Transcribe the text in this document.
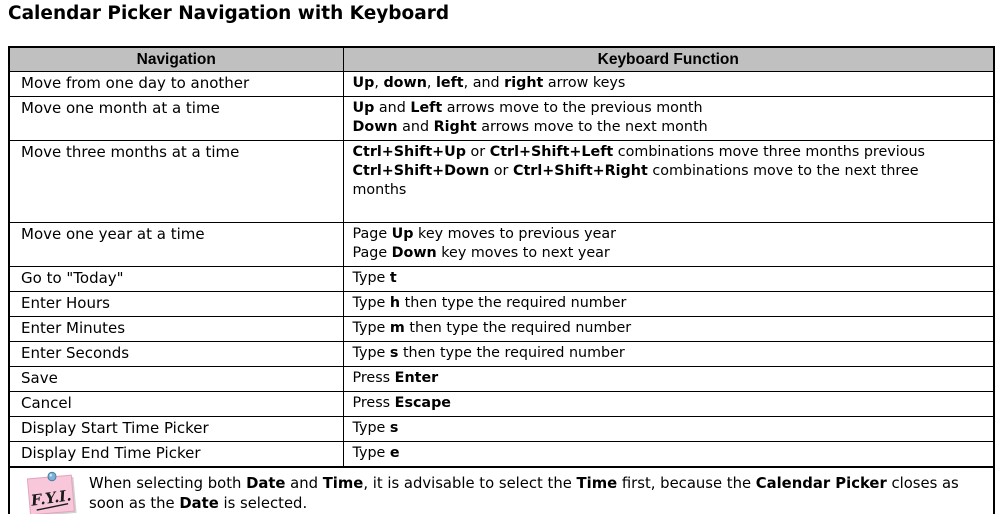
Calendar Picker Navigation with Keyboard
Navigation	Keyboard Function
Move from one day to another	Up, down, left, and right arrow keys

Move one month at a time	Up and Left arrows move to the previous month
Down and Right arrows move to the next month

Move three months at a time	Ctrl+Shift+Up or Ctrl+Shift+Left combinations move three months previous
Ctrl+Shift+Down or Ctrl+Shift+Right combinations move to the next three
months

Move one year at a time	Page Up key moves to previous year
Page Down key moves to next year

Go to "Today"	Type t

Enter Hours	Type h then type the required number

Enter Minutes	Type m then type the required number

Enter Seconds	Type s then type the required number

Save	Press Enter

Cancel	Press Escape

Display Start Time Picker	Type s

Display End Time Picker	Type e

F.Y.I.
When selecting both Date and Time, it is advisable to select the Time first, because the Calendar Picker closes as
soon as the Date is selected.	
